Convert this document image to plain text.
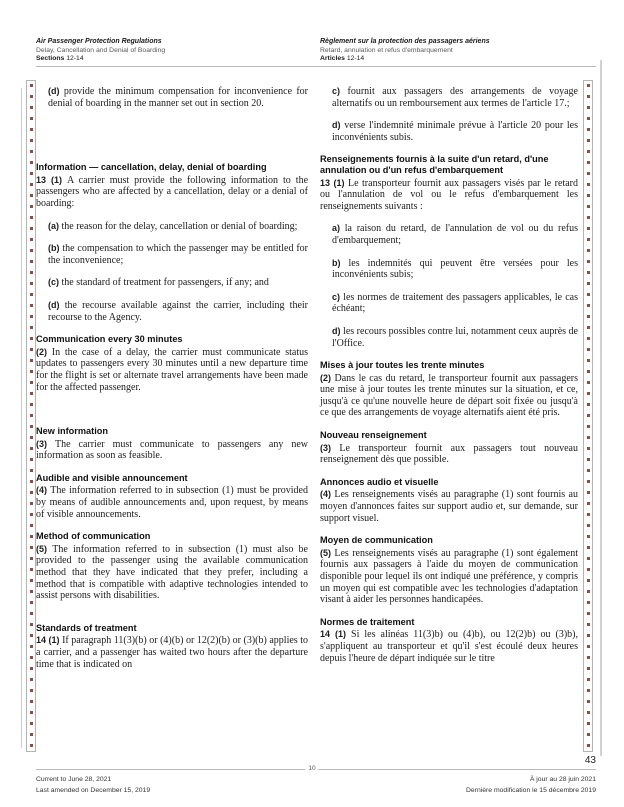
Air Passenger Protection Regulations
Delay, Cancellation and Denial of Boarding
Sections 12-14
Règlement sur la protection des passagers aériens
Retard, annulation et refus d'embarquement
Articles 12-14
(d) provide the minimum compensation for inconvenience for denial of boarding in the manner set out in section 20.
Information — cancellation, delay, denial of boarding
13 (1) A carrier must provide the following information to the passengers who are affected by a cancellation, delay or a denial of boarding:
(a) the reason for the delay, cancellation or denial of boarding;
(b) the compensation to which the passenger may be entitled for the inconvenience;
(c) the standard of treatment for passengers, if any; and
(d) the recourse available against the carrier, including their recourse to the Agency.
Communication every 30 minutes
(2) In the case of a delay, the carrier must communicate status updates to passengers every 30 minutes until a new departure time for the flight is set or alternate travel arrangements have been made for the affected passenger.
New information
(3) The carrier must communicate to passengers any new information as soon as feasible.
Audible and visible announcement
(4) The information referred to in subsection (1) must be provided by means of audible announcements and, upon request, by means of visible announcements.
Method of communication
(5) The information referred to in subsection (1) must also be provided to the passenger using the available communication method that they have indicated that they prefer, including a method that is compatible with adaptive technologies intended to assist persons with disabilities.
Standards of treatment
14 (1) If paragraph 11(3)(b) or (4)(b) or 12(2)(b) or (3)(b) applies to a carrier, and a passenger has waited two hours after the departure time that is indicated on
c) fournit aux passagers des arrangements de voyage alternatifs ou un remboursement aux termes de l'article 17.;
d) verse l'indemnité minimale prévue à l'article 20 pour les inconvénients subis.
Renseignements fournis à la suite d'un retard, d'une annulation ou d'un refus d'embarquement
13 (1) Le transporteur fournit aux passagers visés par le retard ou l'annulation de vol ou le refus d'embarquement les renseignements suivants :
a) la raison du retard, de l'annulation de vol ou du refus d'embarquement;
b) les indemnités qui peuvent être versées pour les inconvénients subis;
c) les normes de traitement des passagers applicables, le cas échéant;
d) les recours possibles contre lui, notamment ceux auprès de l'Office.
Mises à jour toutes les trente minutes
(2) Dans le cas du retard, le transporteur fournit aux passagers une mise à jour toutes les trente minutes sur la situation, et ce, jusqu'à ce qu'une nouvelle heure de départ soit fixée ou jusqu'à ce que des arrangements de voyage alternatifs aient été pris.
Nouveau renseignement
(3) Le transporteur fournit aux passagers tout nouveau renseignement dès que possible.
Annonces audio et visuelle
(4) Les renseignements visés au paragraphe (1) sont fournis au moyen d'annonces faites sur support audio et, sur demande, sur support visuel.
Moyen de communication
(5) Les renseignements visés au paragraphe (1) sont également fournis aux passagers à l'aide du moyen de communication disponible pour lequel ils ont indiqué une préférence, y compris un moyen qui est compatible avec les technologies d'adaptation visant à aider les personnes handicapées.
Normes de traitement
14 (1) Si les alinéas 11(3)b) ou (4)b), ou 12(2)b) ou (3)b), s'appliquent au transporteur et qu'il s'est écoulé deux heures depuis l'heure de départ indiquée sur le titre
43
10
Current to June 28, 2021
Last amended on December 15, 2019
À jour au 28 juin 2021
Dernière modification le 15 décembre 2019
